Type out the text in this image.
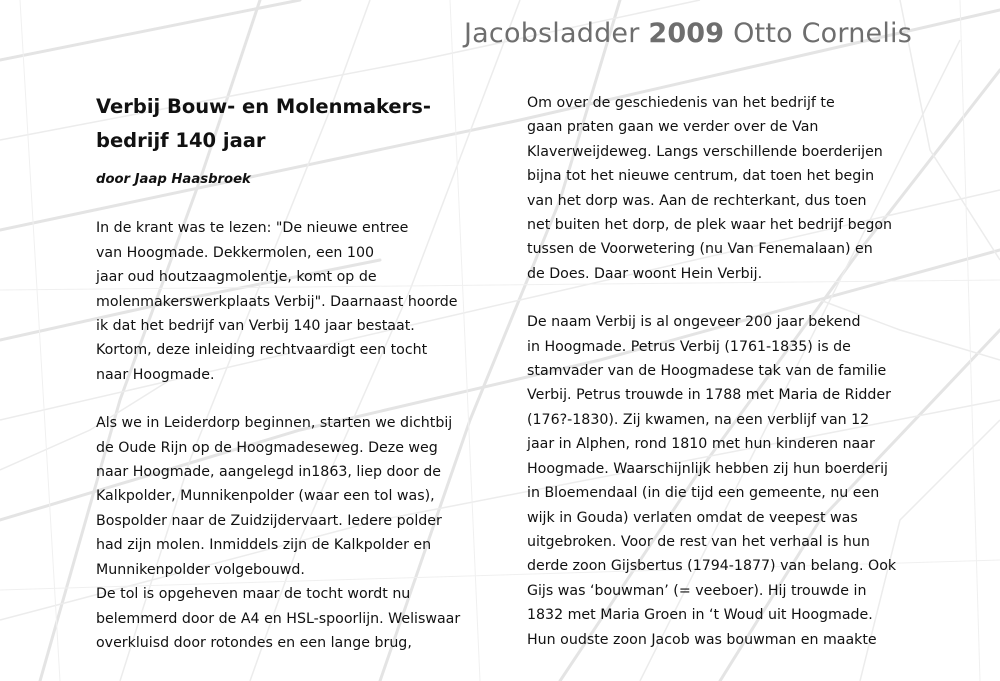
Jacobsladder 2009 Otto Cornelis
Verbij Bouw- en Molenmakers-
bedrijf 140 jaar

door Jaap Haasbroek

In de krant was te lezen: "De nieuwe entree
van Hoogmade. Dekkermolen, een 100
jaar oud houtzaagmolentje, komt op de
molenmakerswerkplaats Verbij". Daarnaast hoorde
ik dat het bedrijf van Verbij 140 jaar bestaat.
Kortom, deze inleiding rechtvaardigt een tocht
naar Hoogmade.

Als we in Leiderdorp beginnen, starten we dichtbij
de Oude Rijn op de Hoogmadeseweg. Deze weg
naar Hoogmade, aangelegd in1863, liep door de
Kalkpolder, Munnikenpolder (waar een tol was),
Bospolder naar de Zuidzijdervaart. Iedere polder
had zijn molen. Inmiddels zijn de Kalkpolder en
Munnikenpolder volgebouwd.

De tol is opgeheven maar de tocht wordt nu
belemmerd door de A4 en HSL-spoorlijn. Weliswaar
overkluisd door rotondes en een lange brug,

Om over de geschiedenis van het bedrijf te
gaan praten gaan we verder over de Van
Klaverweijdeweg. Langs verschillende boerderijen
bijna tot het nieuwe centrum, dat toen het begin
van het dorp was. Aan de rechterkant, dus toen
net buiten het dorp, de plek waar het bedrijf begon
tussen de Voorwetering (nu Van Fenemalaan) en
de Does. Daar woont Hein Verbij.

De naam Verbij is al ongeveer 200 jaar bekend
in Hoogmade. Petrus Verbij (1761-1835) is de
stamvader van de Hoogmadese tak van de familie
Verbij. Petrus trouwde in 1788 met Maria de Ridder
(176?-1830). Zij kwamen, na een verblijf van 12
jaar in Alphen, rond 1810 met hun kinderen naar
Hoogmade. Waarschijnlijk hebben zij hun boerderij
in Bloemendaal (in die tijd een gemeente, nu een
wijk in Gouda) verlaten omdat de veepest was
uitgebroken. Voor de rest van het verhaal is hun
derde zoon Gijsbertus (1794-1877) van belang. Ook
Gijs was ‘bouwman’ (= veeboer). Hij trouwde in
1832 met Maria Groen in ‘t Woud uit Hoogmade.
Hun oudste zoon Jacob was bouwman en maakte
